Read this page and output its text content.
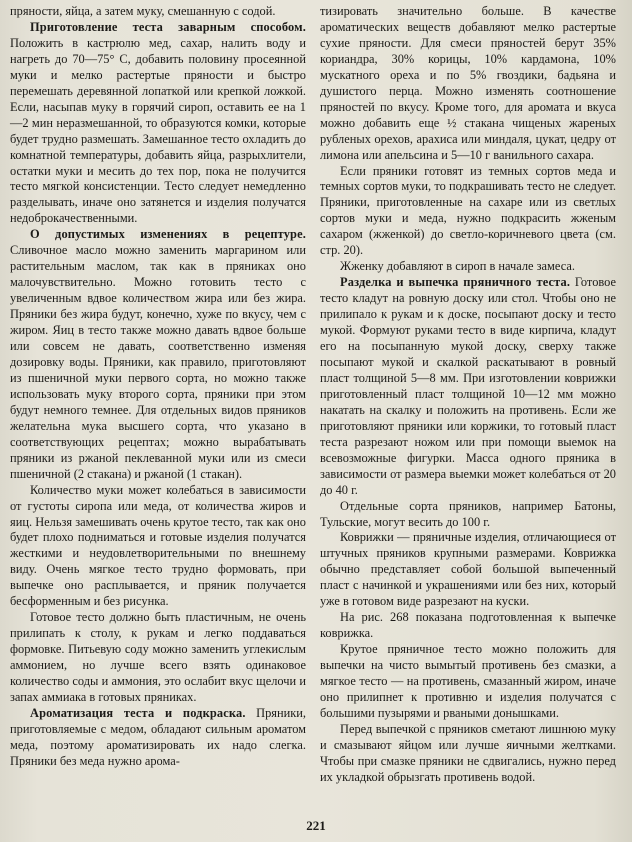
пряности, яйца, а затем муку, смешанную с содой.

Приготовление теста заварным способом. Положить в кастрюлю мед, сахар, налить воду и нагреть до 70—75° С, добавить половину просеянной муки и мелко растертые пряности и быстро перемешать деревянной лопаткой или крепкой ложкой. Если, насыпав муку в горячий сироп, оставить ее на 1—2 мин неразмешанной, то образуются комки, которые будет трудно размешать. Замешанное тесто охладить до комнатной температуры, добавить яйца, разрыхлители, остатки муки и месить до тех пор, пока не получится тесто мягкой консистенции. Тесто следует немедленно разделывать, иначе оно затянется и изделия получатся недоброкачественными.

О допустимых изменениях в рецептуре. Сливочное масло можно заменить маргарином или растительным маслом, так как в пряниках оно малочувствительно. Можно готовить тесто с увеличенным вдвое количеством жира или без жира. Пряники без жира будут, конечно, хуже по вкусу, чем с жиром. Яиц в тесто также можно давать вдвое больше или совсем не давать, соответственно изменяя дозировку воды. Пряники, как правило, приготовляют из пшеничной муки первого сорта, но можно также использовать муку второго сорта, пряники при этом будут немного темнее. Для отдельных видов пряников желательна мука высшего сорта, что указано в соответствующих рецептах; можно вырабатывать пряники из ржаной пеклеванной муки или из смеси пшеничной (2 стакана) и ржаной (1 стакан).

Количество муки может колебаться в зависимости от густоты сиропа или меда, от количества жиров и яиц. Нельзя замешивать очень крутое тесто, так как оно будет плохо подниматься и готовые изделия получатся жесткими и неудовлетворительными по внешнему виду. Очень мягкое тесто трудно формовать, при выпечке оно расплывается, и пряник получается бесформенным и без рисунка.

Готовое тесто должно быть пластичным, не очень прилипать к столу, к рукам и легко поддаваться формовке. Питьевую соду можно заменить углекислым аммонием, но лучше всего взять одинаковое количество соды и аммония, это ослабит вкус щелочи и запах аммиака в готовых пряниках.

Ароматизация теста и подкраска. Пряники, приготовляемые с медом, обладают сильным ароматом меда, поэтому ароматизировать их надо слегка. Пряники без меда нужно арома-

тизировать значительно больше. В качестве ароматических веществ добавляют мелко растертые сухие пряности. Для смеси пряностей берут 35% кориандра, 30% корицы, 10% кардамона, 10% мускатного ореха и по 5% гвоздики, бадьяна и душистого перца. Можно изменять соотношение пряностей по вкусу. Кроме того, для аромата и вкуса можно добавить еще ½ стакана чищеных жареных рубленых орехов, арахиса или миндаля, цукат, цедру от лимона или апельсина и 5—10 г ванильного сахара.

Если пряники готовят из темных сортов меда и темных сортов муки, то подкрашивать тесто не следует. Пряники, приготовленные на сахаре или из светлых сортов муки и меда, нужно подкрасить жженым сахаром (жженкой) до светло-коричневого цвета (см. стр. 20).

Жженку добавляют в сироп в начале замеса.

Разделка и выпечка пряничного теста. Готовое тесто кладут на ровную доску или стол. Чтобы оно не прилипало к рукам и к доске, посыпают доску и тесто мукой. Формуют руками тесто в виде кирпича, кладут его на посыпанную мукой доску, сверху также посыпают мукой и скалкой раскатывают в ровный пласт толщиной 5—8 мм. При изготовлении коврижки приготовленный пласт толщиной 10—12 мм можно накатать на скалку и положить на противень. Если же приготовляют пряники или коржики, то готовый пласт теста разрезают ножом или при помощи выемок на всевозможные фигурки. Масса одного пряника в зависимости от размера выемки может колебаться от 20 до 40 г.

Отдельные сорта пряников, например Батоны, Тульские, могут весить до 100 г.

Коврижки — пряничные изделия, отличающиеся от штучных пряников крупными размерами. Коврижка обычно представляет собой большой выпеченный пласт с начинкой и украшениями или без них, который уже в готовом виде разрезают на куски.

На рис. 268 показана подготовленная к выпечке коврижка.

Крутое пряничное тесто можно положить для выпечки на чисто вымытый противень без смазки, а мягкое тесто — на противень, смазанный жиром, иначе оно прилипнет к противню и изделия получатся с большими пузырями и рваными донышками.

Перед выпечкой с пряников сметают лишнюю муку и смазывают яйцом или лучше яичными желтками. Чтобы при смазке пряники не сдвигались, нужно перед их укладкой обрызгать противень водой.

221
